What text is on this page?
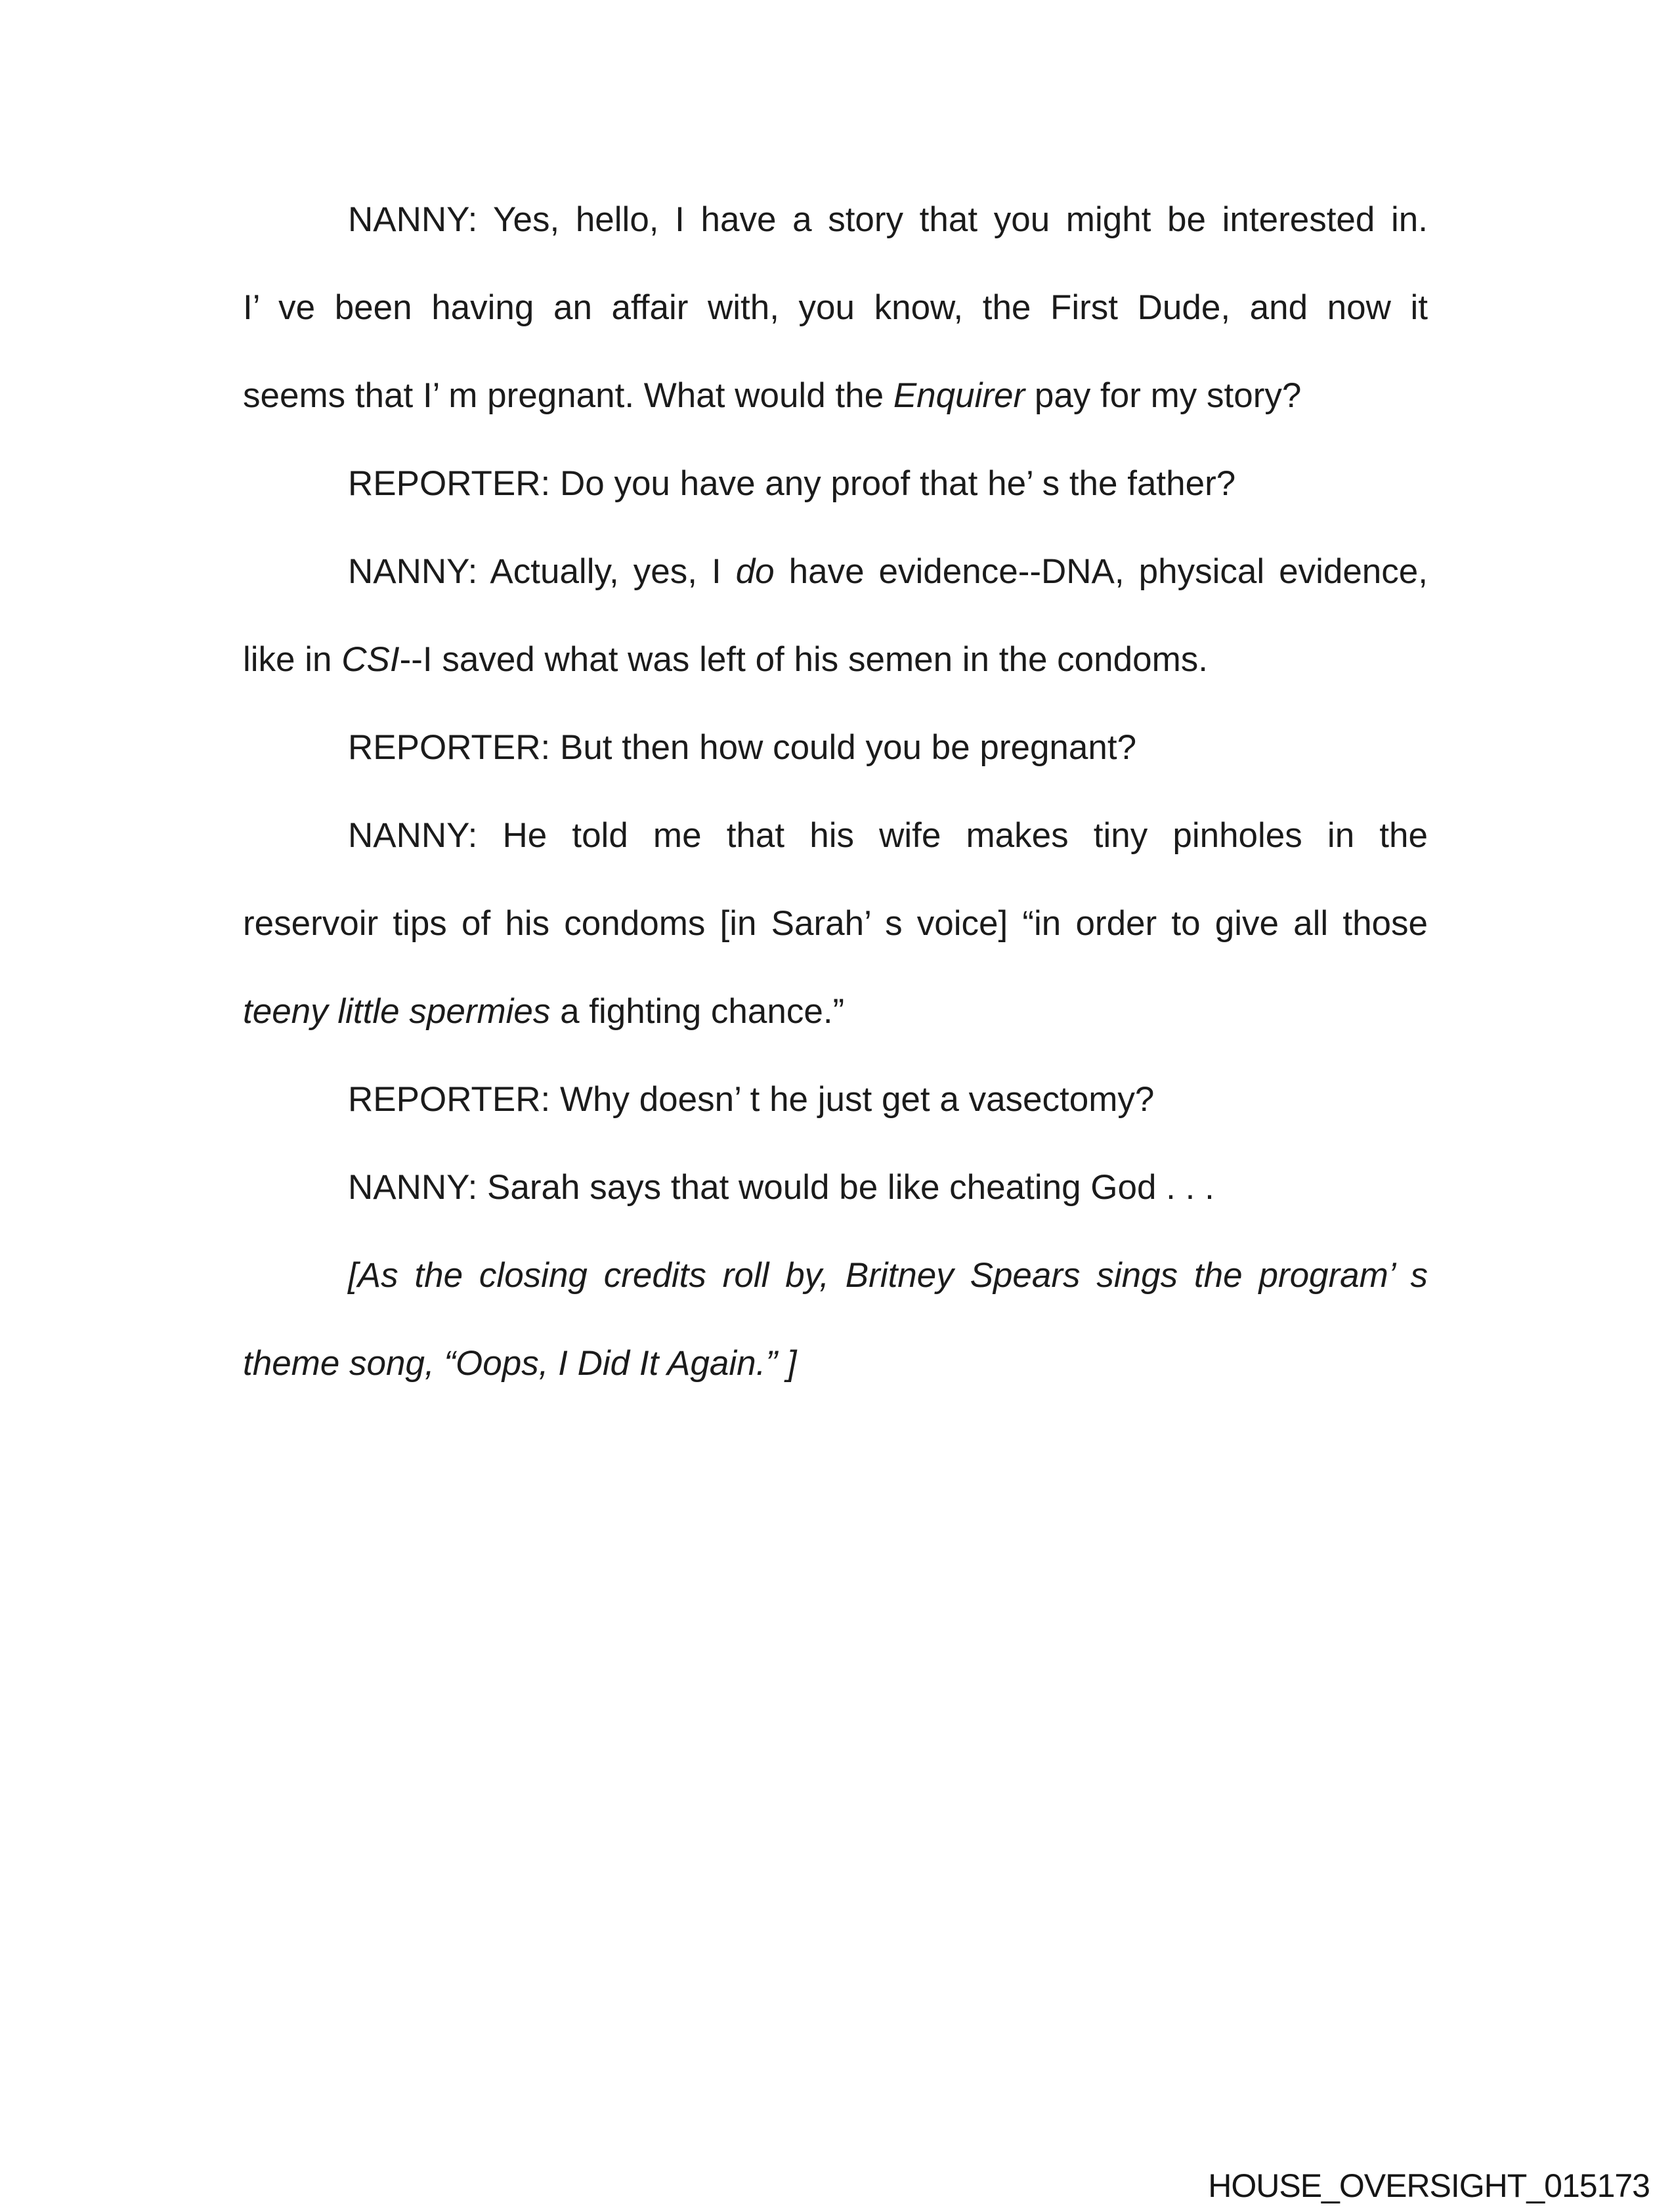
NANNY: Yes, hello, I have a story that you might be interested in.
I’ ve been having an affair with, you know, the First Dude, and now it
seems that I’ m pregnant. What would the Enquirer pay for my story?
REPORTER: Do you have any proof that he’ s the father?
NANNY: Actually, yes, I do have evidence--DNA, physical evidence,
like in CSI--I saved what was left of his semen in the condoms.
REPORTER: But then how could you be pregnant?
NANNY: He told me that his wife makes tiny pinholes in the
reservoir tips of his condoms [in Sarah’ s voice] “in order to give all those
teeny little spermies a fighting chance.”
REPORTER: Why doesn’ t he just get a vasectomy?
NANNY: Sarah says that would be like cheating God . . .
[As the closing credits roll by, Britney Spears sings the program’ s
theme song, “Oops, I Did It Again.” ]
HOUSE_OVERSIGHT_015173
